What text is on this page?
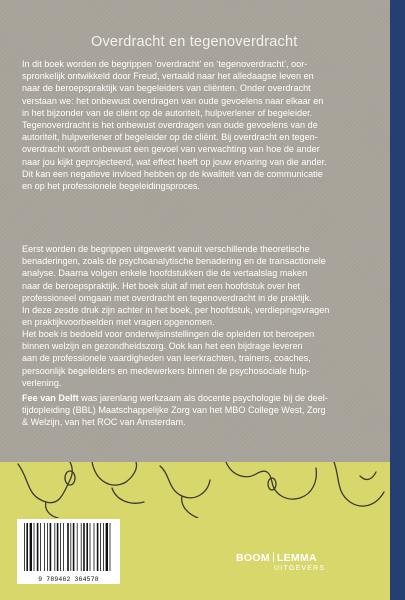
Overdracht en tegenoverdracht

In dit boek worden de begrippen ‘overdracht’ en ‘tegenoverdracht’, oor-

spronkelijk ontwikkeld door Freud, vertaald naar het alledaagse leven en

naar de beroepspraktijk van begeleiders van cliënten. Onder overdracht

verstaan we: het onbewust overdragen van oude gevoelens naar elkaar en

in het bijzonder van de cliënt op de autoriteit, hulpverlener of begeleider.

Tegenoverdracht is het onbewust overdragen van oude gevoelens van de

autoriteit, hulpverlener of begeleider op de cliënt. Bij overdracht en tegen-

overdracht wordt onbewust een gevoel van verwachting van hoe de ander

naar jou kijkt geprojecteerd, wat effect heeft op jouw ervaring van die ander.

Dit kan een negatieve invloed hebben op de kwaliteit van de communicatie

en op het professionele begeleidingsproces.

Eerst worden de begrippen uitgewerkt vanuit verschillende theoretische

benaderingen, zoals de psychoanalytische benadering en de transactionele

analyse. Daarna volgen enkele hoofdstukken die de vertaalslag maken

naar de beroepspraktijk. Het boek sluit af met een hoofdstuk over het

professioneel omgaan met overdracht en tegenoverdracht in de praktijk.

In deze zesde druk zijn achter in het boek, per hoofdstuk, verdiepingsvragen

en praktijkvoorbeelden met vragen opgenomen.

Het boek is bedoeld voor onderwijsinstellingen die opleiden tot beroepen

binnen welzijn en gezondheidszorg. Ook kan het een bijdrage leveren

aan de professionele vaardigheden van leerkrachten, trainers, coaches,

persoonlijk begeleiders en medewerkers binnen de psychosociale hulp-

verlening.

Fee van Delft was jarenlang werkzaam als docente psychologie bij de deel-

tijdopleiding (BBL) Maatschappelijke Zorg van het MBO College West, Zorg

& Welzijn, van het ROC van Amsterdam.

9 789462 364578
BOOM LEMMA
UITGEVERS
